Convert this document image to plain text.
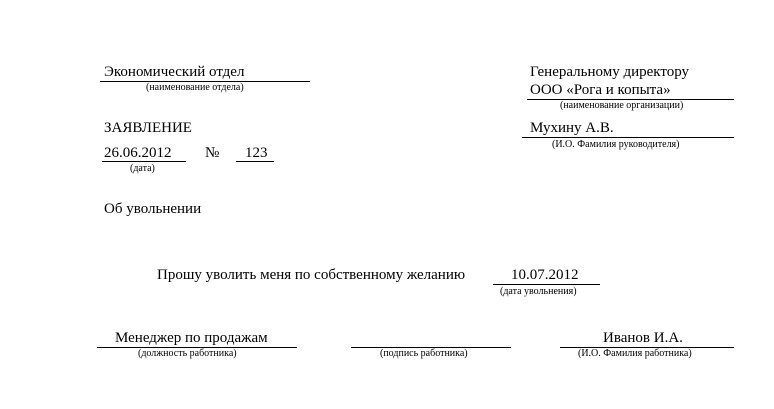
Экономический отдел
(наименование отдела)
Генеральному директору
ООО «Рога и копыта»
(наименование организации)
Мухину А.В.
(И.О. Фамилия руководителя)
ЗАЯВЛЕНИЕ
26.06.2012
(дата)
№ 123
Об увольнении
Прошу уволить меня по собственному желанию	10.07.2012
(дата увольнения)
Менеджер по продажам
(должность работника)	(подпись работника)
Иванов И.А.
(И.О. Фамилия работника)
